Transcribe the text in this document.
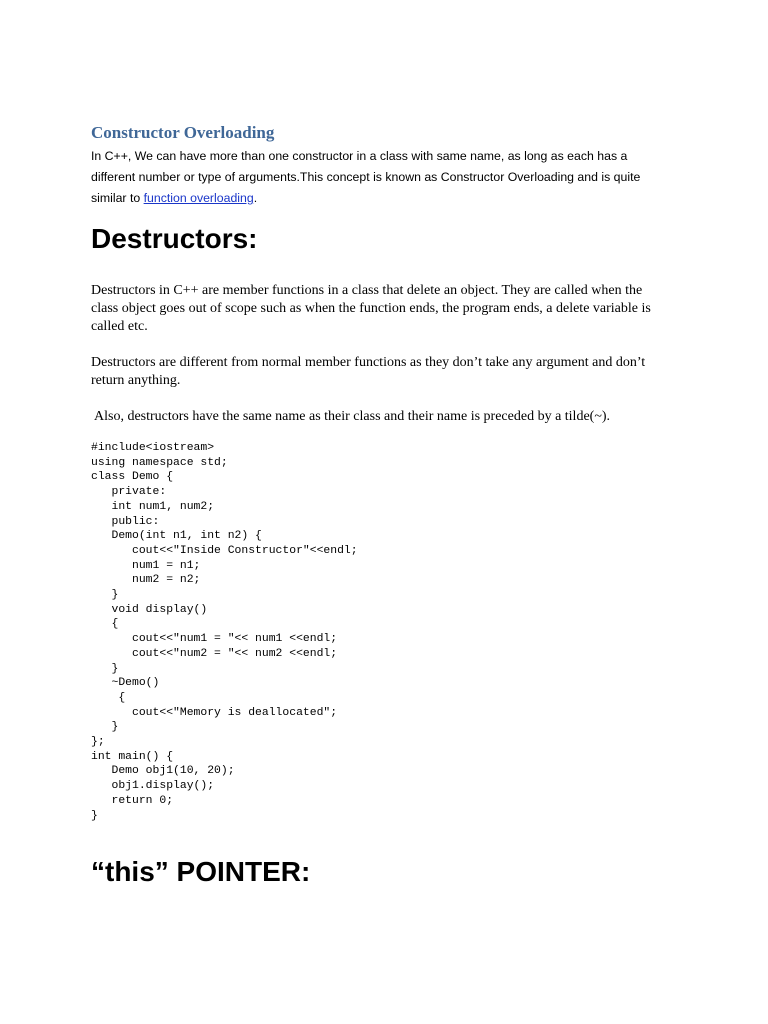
Constructor Overloading

In C++, We can have more than one constructor in a class with same name, as long as each has a different number or type of arguments.This concept is known as Constructor Overloading and is quite similar to function overloading.

Destructors:

Destructors in C++ are member functions in a class that delete an object. They are called when the class object goes out of scope such as when the function ends, the program ends, a delete variable is called etc.

Destructors are different from normal member functions as they don’t take any argument and don’t return anything.

Also, destructors have the same name as their class and their name is preceded by a tilde(~).

#include<iostream>
using namespace std;
class Demo {
private:
int num1, num2;
public:
Demo(int n1, int n2) {
cout<<"Inside Constructor"<<endl;
num1 = n1;
num2 = n2;
}
void display()
{
cout<<"num1 = "<< num1 <<endl;
cout<<"num2 = "<< num2 <<endl;
}
~Demo()
{
cout<<"Memory is deallocated";
}
};
int main() {
Demo obj1(10, 20);
obj1.display();
return 0;
}
“this” POINTER:
